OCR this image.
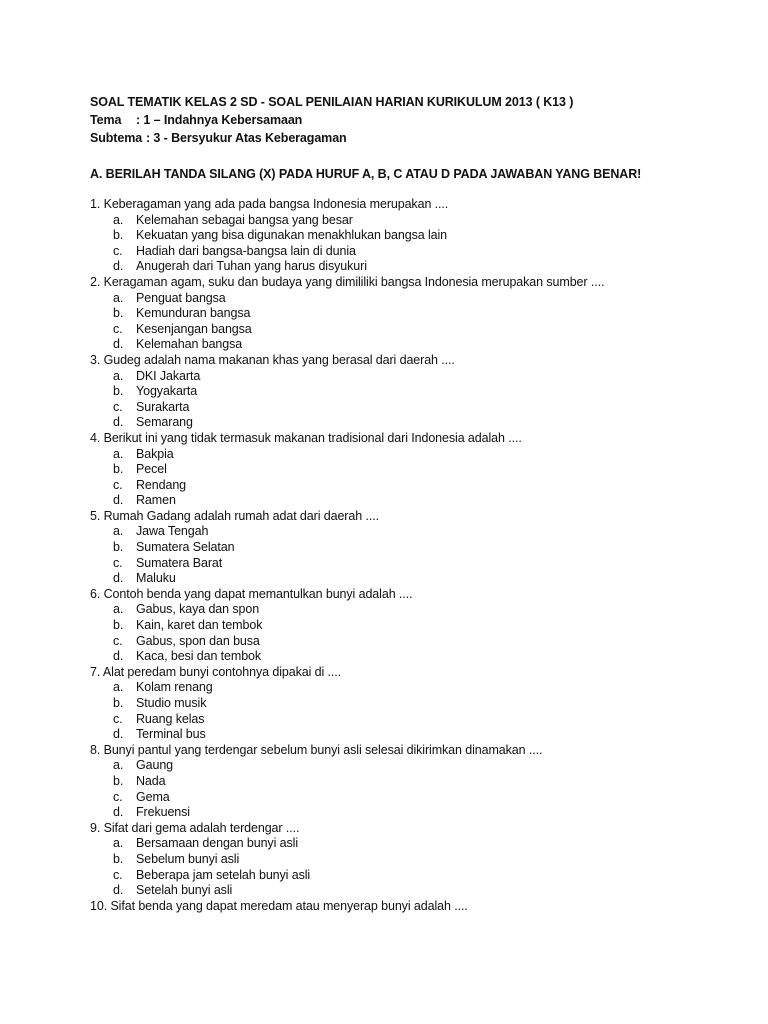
SOAL TEMATIK KELAS 2 SD - SOAL PENILAIAN HARIAN KURIKULUM 2013 ( K13 )
Tema	: 1 – Indahnya Kebersamaan
Subtema : 3 - Bersyukur Atas Keberagaman
A. BERILAH TANDA SILANG (X) PADA HURUF A, B, C ATAU D PADA JAWABAN YANG BENAR!
1. Keberagaman yang ada pada bangsa Indonesia merupakan ....
a.	Kelemahan sebagai bangsa yang besar
b.	Kekuatan yang bisa digunakan menakhlukan bangsa lain
c.	Hadiah dari bangsa-bangsa lain di dunia
d.	Anugerah dari Tuhan yang harus disyukuri
2. Keragaman agam, suku dan budaya yang dimililiki bangsa Indonesia merupakan sumber ....
a.	Penguat bangsa
b.	Kemunduran bangsa
c.	Kesenjangan bangsa
d.	Kelemahan bangsa
3. Gudeg adalah nama makanan khas yang berasal dari daerah ....
a.	DKI Jakarta
b.	Yogyakarta
c.	Surakarta
d.	Semarang
4. Berikut ini yang tidak termasuk makanan tradisional dari Indonesia adalah ....
a.	Bakpia
b.	Pecel
c.	Rendang
d.	Ramen
5. Rumah Gadang adalah rumah adat dari daerah ....
a.	Jawa Tengah
b.	Sumatera Selatan
c.	Sumatera Barat
d.	Maluku
6. Contoh benda yang dapat memantulkan bunyi adalah ....
a.	Gabus, kaya dan spon
b.	Kain, karet dan tembok
c.	Gabus, spon dan busa
d.	Kaca, besi dan tembok
7. Alat peredam bunyi contohnya dipakai di ....
a.	Kolam renang
b.	Studio musik
c.	Ruang kelas
d.	Terminal bus
8. Bunyi pantul yang terdengar sebelum bunyi asli selesai dikirimkan dinamakan ....
a.	Gaung
b.	Nada
c.	Gema
d.	Frekuensi
9. Sifat dari gema adalah terdengar ....
a.	Bersamaan dengan bunyi asli
b.	Sebelum bunyi asli
c.	Beberapa jam setelah bunyi asli
d.	Setelah bunyi asli
10. Sifat benda yang dapat meredam atau menyerap bunyi adalah ....
